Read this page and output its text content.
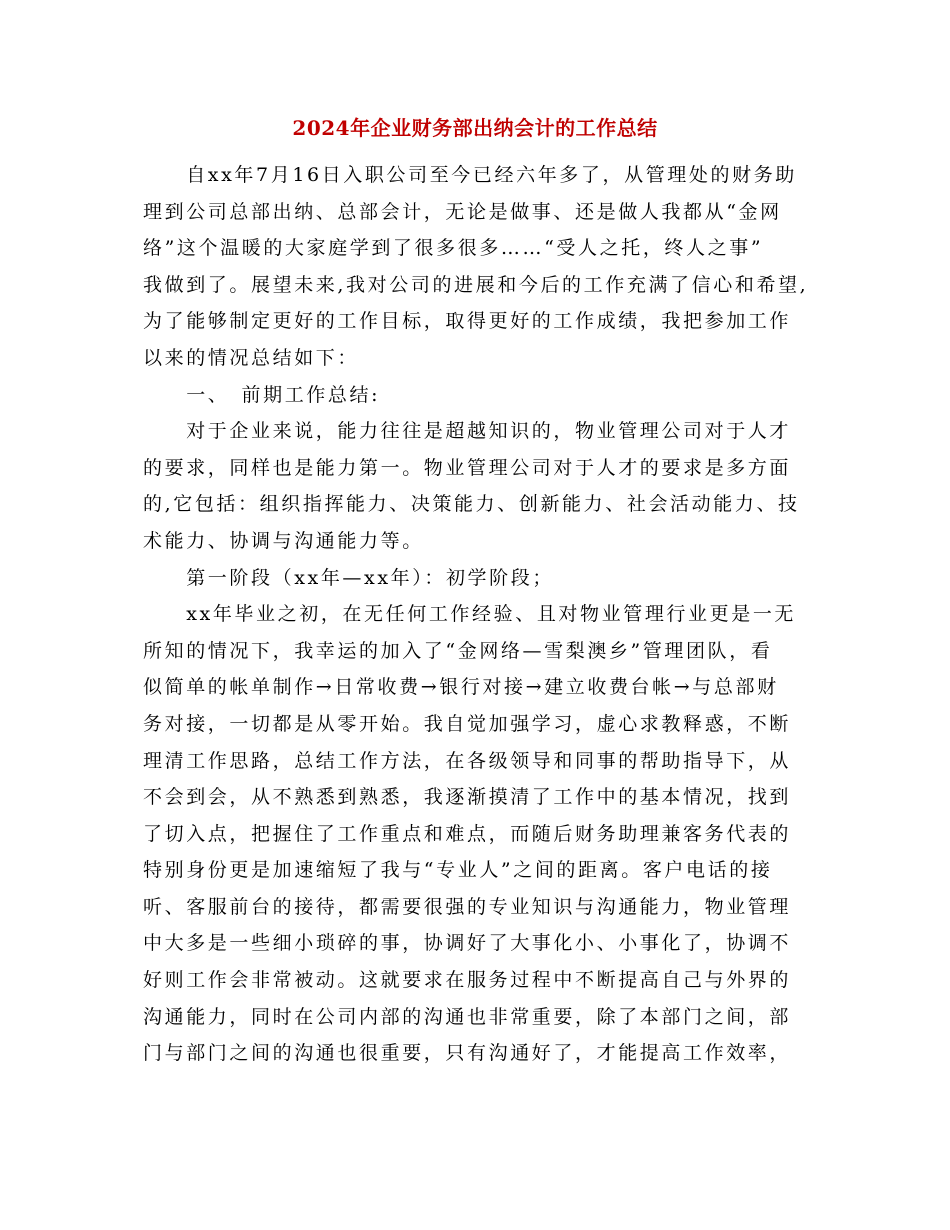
2024年企业财务部出纳会计的工作总结
　　自xx年7月16日入职公司至今已经六年多了，从管理处的财务助
理到公司总部出纳、总部会计，无论是做事、还是做人我都从“金网
络”这个温暖的大家庭学到了很多很多……“受人之托，终人之事”
我做到了。展望未来,我对公司的进展和今后的工作充满了信心和希望,
为了能够制定更好的工作目标，取得更好的工作成绩，我把参加工作
以来的情况总结如下：
　　一、　前期工作总结:
　　对于企业来说，能力往往是超越知识的，物业管理公司对于人才
的要求，同样也是能力第一。物业管理公司对于人才的要求是多方面
的,它包括：组织指挥能力、决策能力、创新能力、社会活动能力、技
术能力、协调与沟通能力等。
　　第一阶段（xx年—xx年）：初学阶段；
　　xx年毕业之初，在无任何工作经验、且对物业管理行业更是一无
所知的情况下，我幸运的加入了“金网络—雪梨澳乡”管理团队，看
似简单的帐单制作→日常收费→银行对接→建立收费台帐→与总部财
务对接，一切都是从零开始。我自觉加强学习，虚心求教释惑，不断
理清工作思路，总结工作方法，在各级领导和同事的帮助指导下，从
不会到会，从不熟悉到熟悉，我逐渐摸清了工作中的基本情况，找到
了切入点，把握住了工作重点和难点，而随后财务助理兼客务代表的
特别身份更是加速缩短了我与“专业人”之间的距离。客户电话的接
听、客服前台的接待，都需要很强的专业知识与沟通能力，物业管理
中大多是一些细小琐碎的事，协调好了大事化小、小事化了，协调不
好则工作会非常被动。这就要求在服务过程中不断提高自己与外界的
沟通能力，同时在公司内部的沟通也非常重要，除了本部门之间，部
门与部门之间的沟通也很重要，只有沟通好了，才能提高工作效率，
